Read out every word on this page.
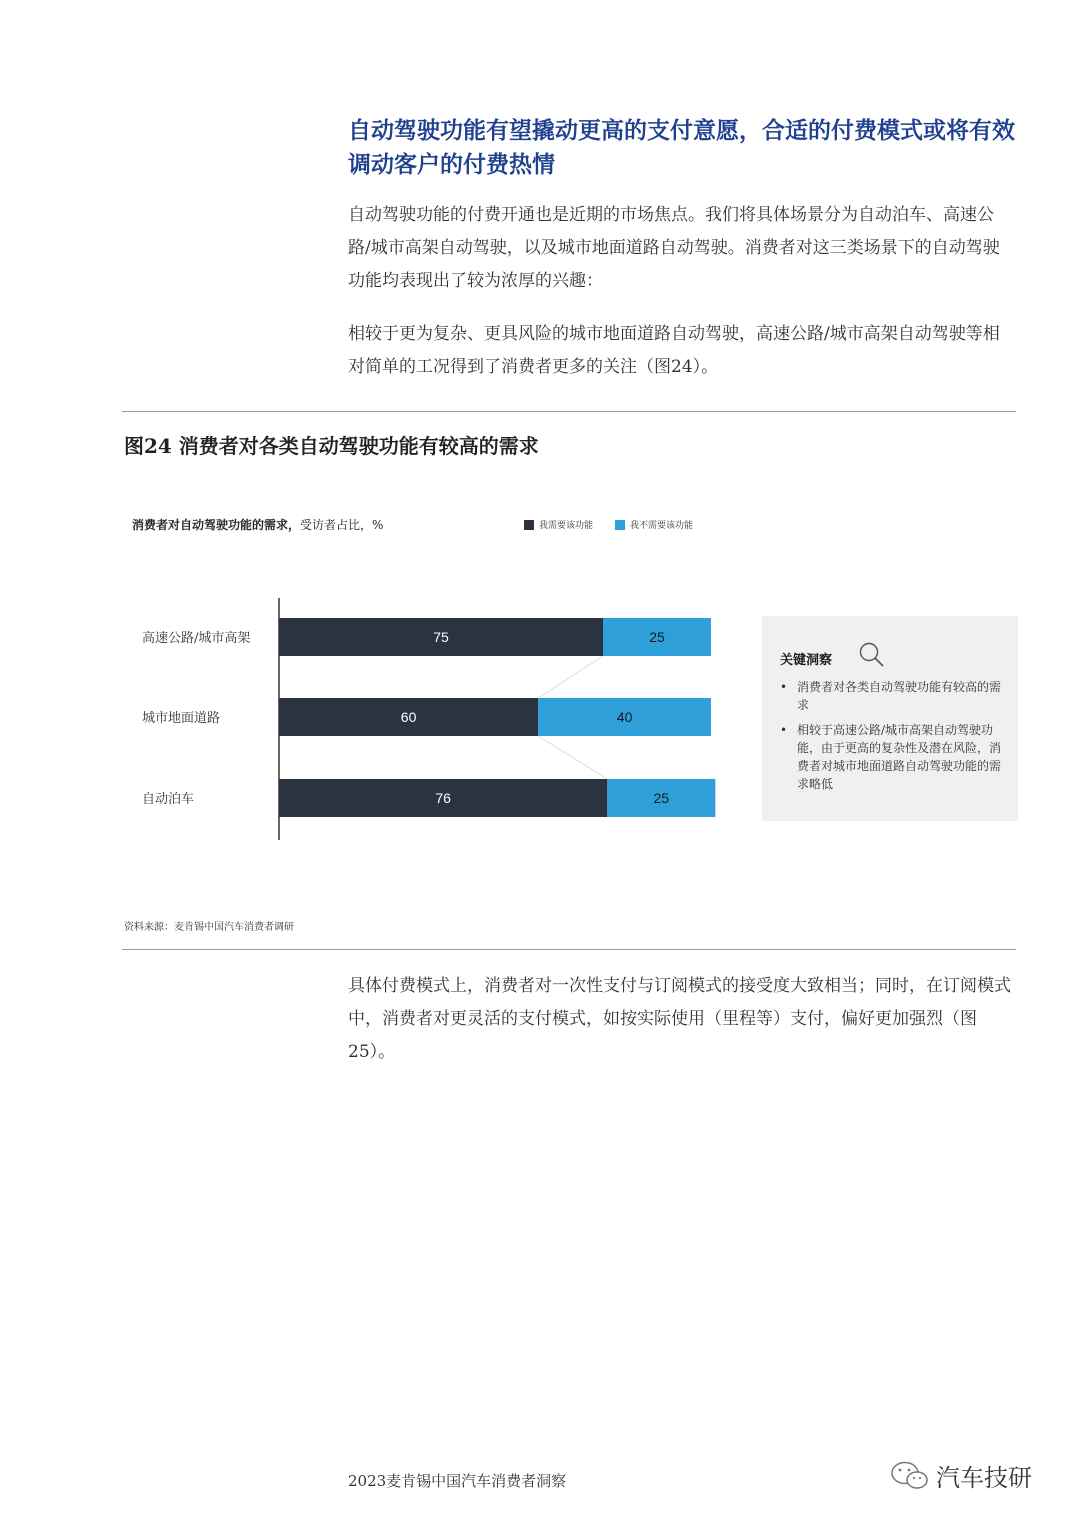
自动驾驶功能有望撬动更高的支付意愿，合适的付费模式或将有效调动客户的付费热情

自动驾驶功能的付费开通也是近期的市场焦点。我们将具体场景分为自动泊车、高速公路/城市高架自动驾驶，以及城市地面道路自动驾驶。消费者对这三类场景下的自动驾驶功能均表现出了较为浓厚的兴趣：

相较于更为复杂、更具风险的城市地面道路自动驾驶，高速公路/城市高架自动驾驶等相对简单的工况得到了消费者更多的关注（图24）。

图24 消费者对各类自动驾驶功能有较高的需求
消费者对自动驾驶功能的需求，受访者占比，%	我需要该功能	我不需要该功能
高速公路/城市高架	75	25
城市地面道路	60	40
自动泊车	76	25
关键洞察
• 消费者对各类自动驾驶功能有较高的需求
• 相较于高速公路/城市高架自动驾驶功能，由于更高的复杂性及潜在风险，消费者对城市地面道路自动驾驶功能的需求略低
资料来源：麦肯锡中国汽车消费者调研

具体付费模式上，消费者对一次性支付与订阅模式的接受度大致相当；同时，在订阅模式中，消费者对更灵活的支付模式，如按实际使用（里程等）支付，偏好更加强烈（图25）。

2023麦肯锡中国汽车消费者洞察	汽车技研
